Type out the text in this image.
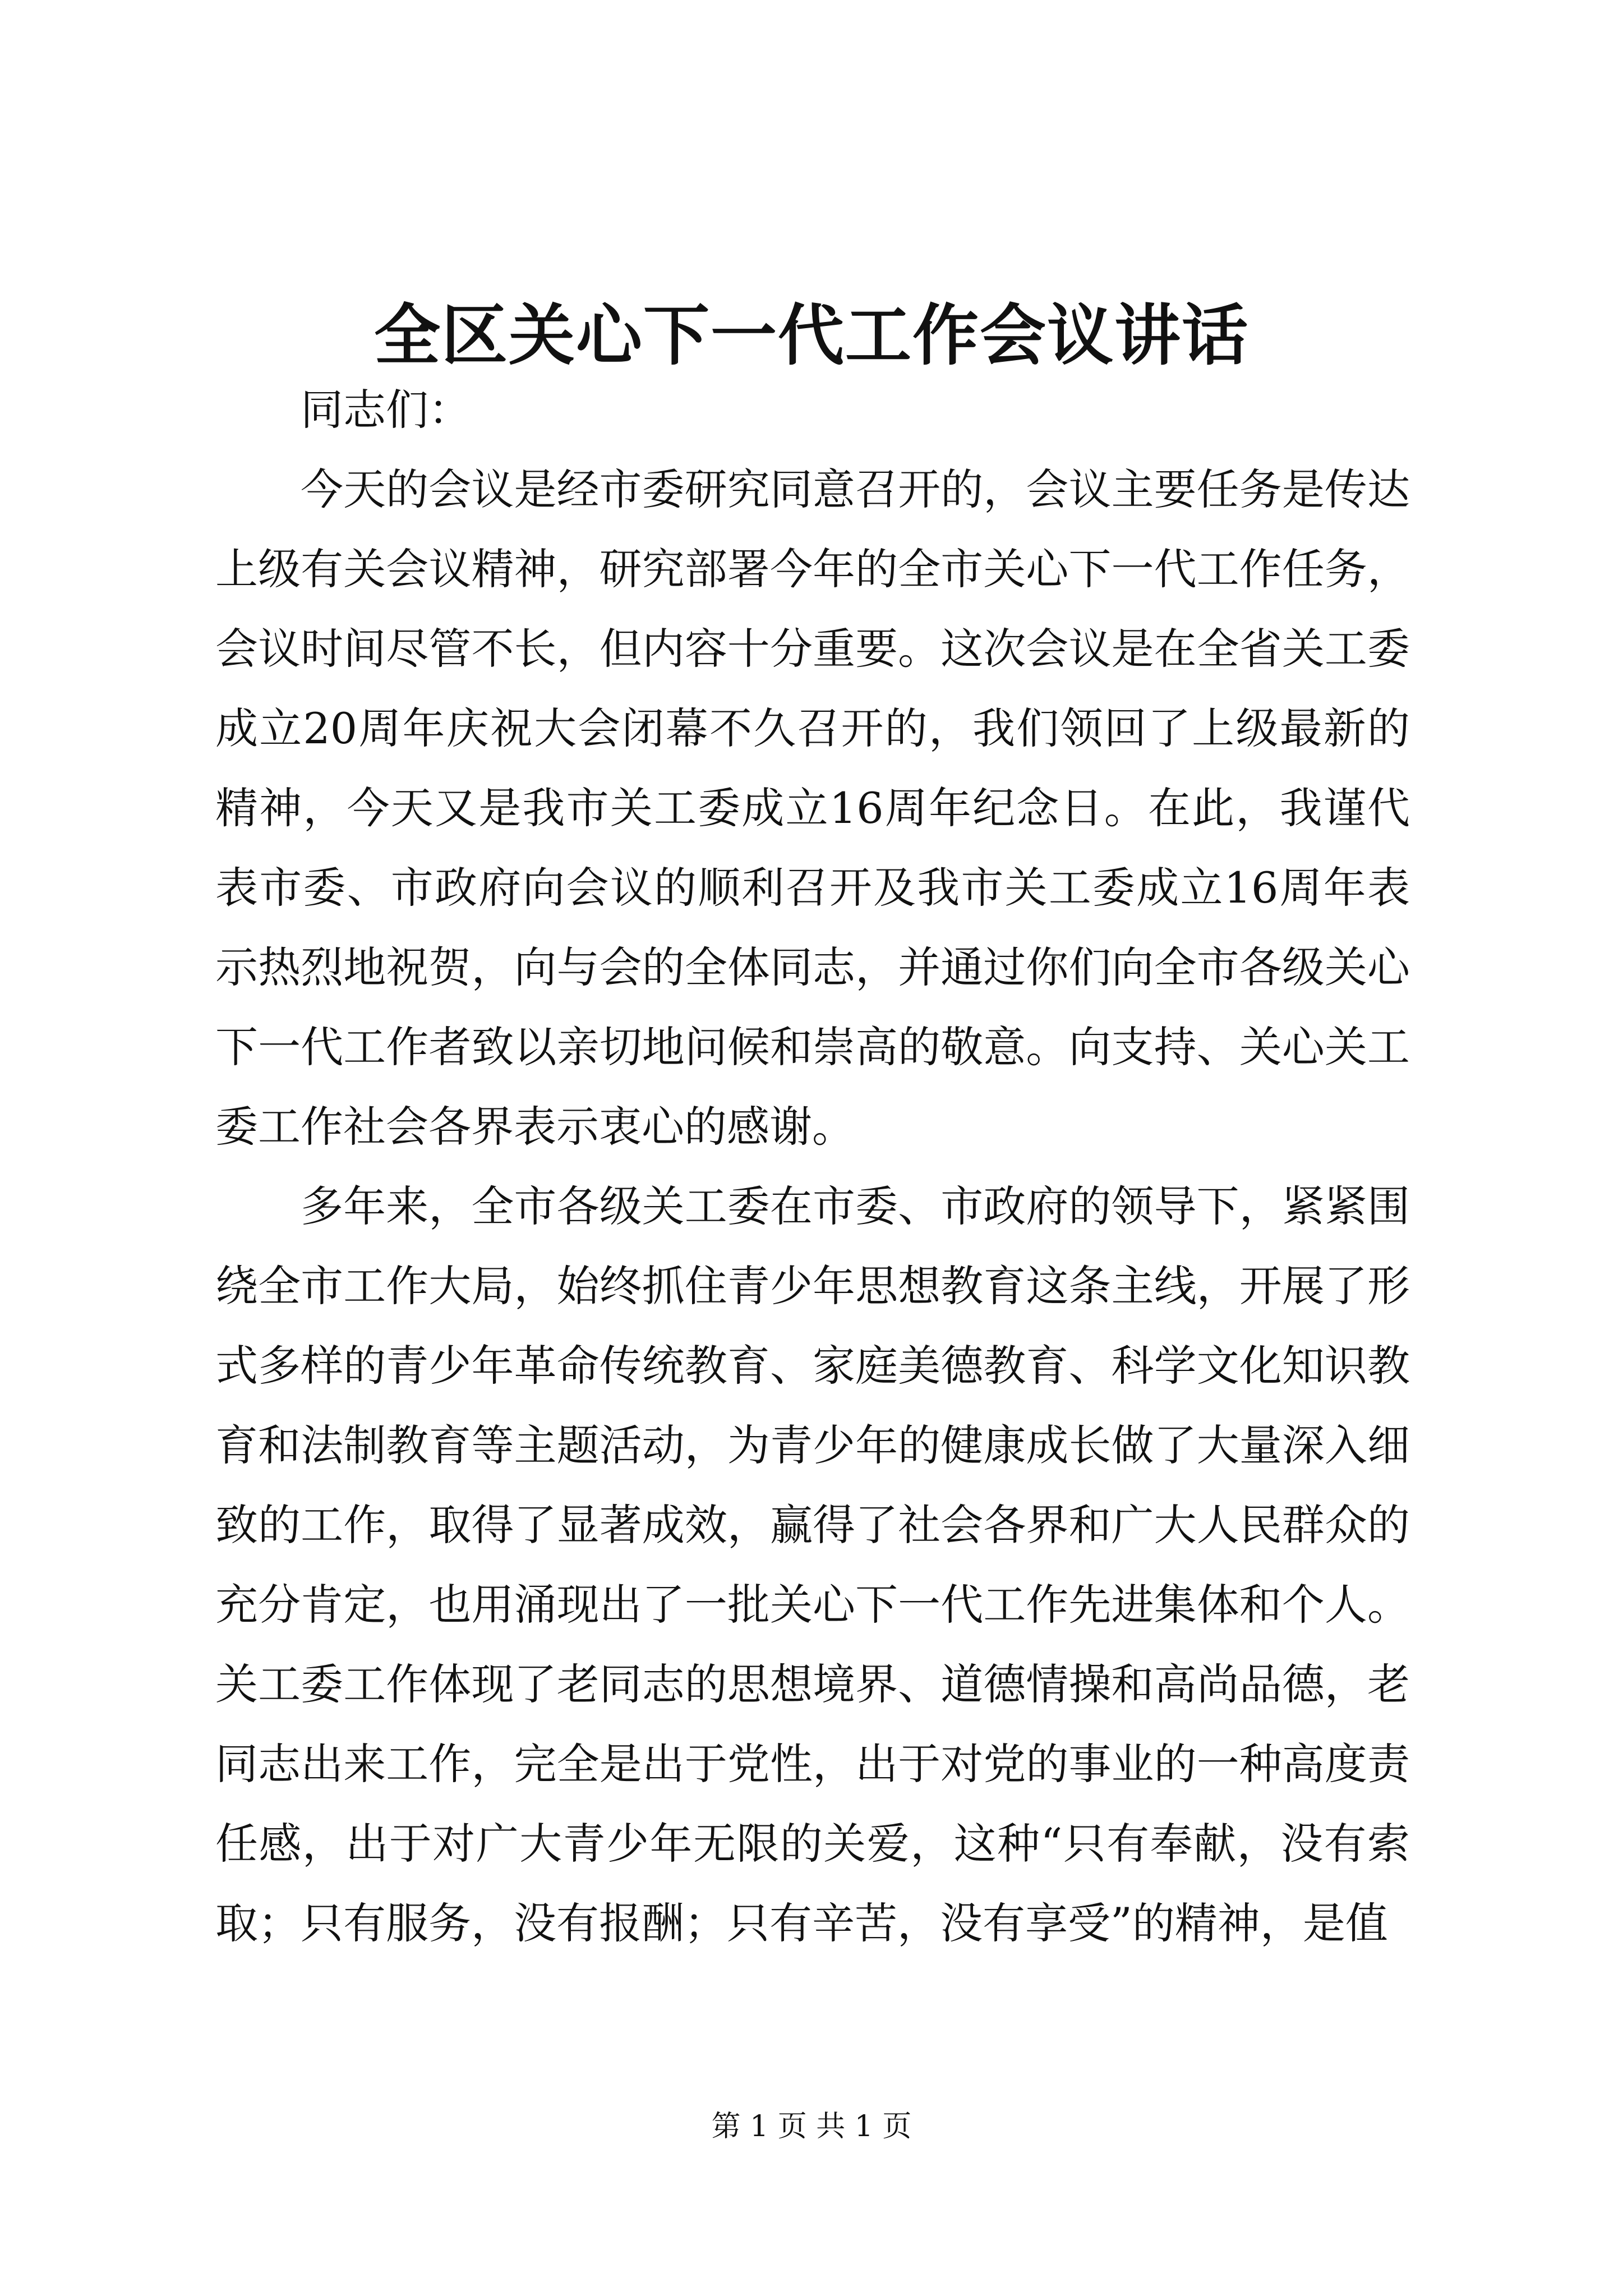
全区关心下一代工作会议讲话

同志们：

今天的会议是经市委研究同意召开的，会议主要任务是传达上级有关会议精神，研究部署今年的全市关心下一代工作任务，会议时间尽管不长，但内容十分重要。这次会议是在全省关工委成立20周年庆祝大会闭幕不久召开的，我们领回了上级最新的精神，今天又是我市关工委成立16周年纪念日。在此，我谨代表市委、市政府向会议的顺利召开及我市关工委成立16周年表示热烈地祝贺，向与会的全体同志，并通过你们向全市各级关心下一代工作者致以亲切地问候和崇高的敬意。向支持、关心关工委工作社会各界表示衷心的感谢。

多年来，全市各级关工委在市委、市政府的领导下，紧紧围绕全市工作大局，始终抓住青少年思想教育这条主线，开展了形式多样的青少年革命传统教育、家庭美德教育、科学文化知识教育和法制教育等主题活动，为青少年的健康成长做了大量深入细致的工作，取得了显著成效，赢得了社会各界和广大人民群众的充分肯定，也用涌现出了一批关心下一代工作先进集体和个人。关工委工作体现了老同志的思想境界、道德情操和高尚品德，老同志出来工作，完全是出于党性，出于对党的事业的一种高度责任感，出于对广大青少年无限的关爱，这种“只有奉献，没有索取；只有服务，没有报酬；只有辛苦，没有享受”的精神，是值

第 1 页 共 1 页
